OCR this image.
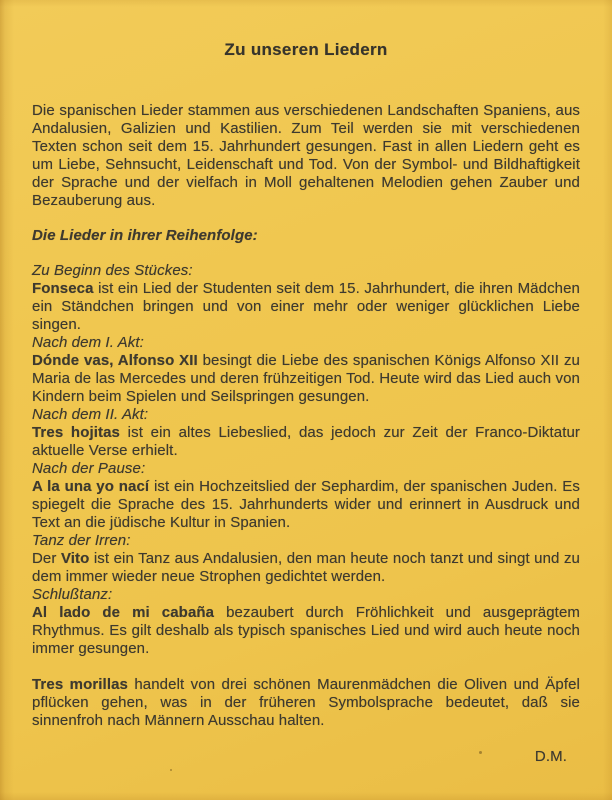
Zu unseren Liedern

Die spanischen Lieder stammen aus verschiedenen Landschaften Spaniens, aus Andalusien, Galizien und Kastilien. Zum Teil werden sie mit verschiedenen Texten schon seit dem 15. Jahrhundert gesungen. Fast in allen Liedern geht es um Liebe, Sehnsucht, Leidenschaft und Tod. Von der Symbol- und Bildhaftigkeit der Sprache und der vielfach in Moll gehaltenen Melodien gehen Zauber und Bezauberung aus.

Die Lieder in ihrer Reihenfolge:

Zu Beginn des Stückes:

Fonseca ist ein Lied der Studenten seit dem 15. Jahrhundert, die ihren Mädchen ein Ständchen bringen und von einer mehr oder weniger glücklichen Liebe singen.

Nach dem I. Akt:

Dónde vas, Alfonso XII besingt die Liebe des spanischen Königs Alfonso XII zu Maria de las Mercedes und deren frühzeitigen Tod. Heute wird das Lied auch von Kindern beim Spielen und Seilspringen gesungen.

Nach dem II. Akt:

Tres hojitas ist ein altes Liebeslied, das jedoch zur Zeit der Franco-Diktatur aktuelle Verse erhielt.

Nach der Pause:

A la una yo nací ist ein Hochzeitslied der Sephardim, der spanischen Juden. Es spiegelt die Sprache des 15. Jahrhunderts wider und erinnert in Ausdruck und Text an die jüdische Kultur in Spanien.

Tanz der Irren:

Der Vito ist ein Tanz aus Andalusien, den man heute noch tanzt und singt und zu dem immer wieder neue Strophen gedichtet werden.

Schlußtanz:

Al lado de mi cabaña bezaubert durch Fröhlichkeit und ausgeprägtem Rhythmus. Es gilt deshalb als typisch spanisches Lied und wird auch heute noch immer gesungen.

Tres morillas handelt von drei schönen Maurenmädchen die Oliven und Äpfel pflücken gehen, was in der früheren Symbolsprache bedeutet, daß sie sinnenfroh nach Männern Ausschau halten.

D.M.
